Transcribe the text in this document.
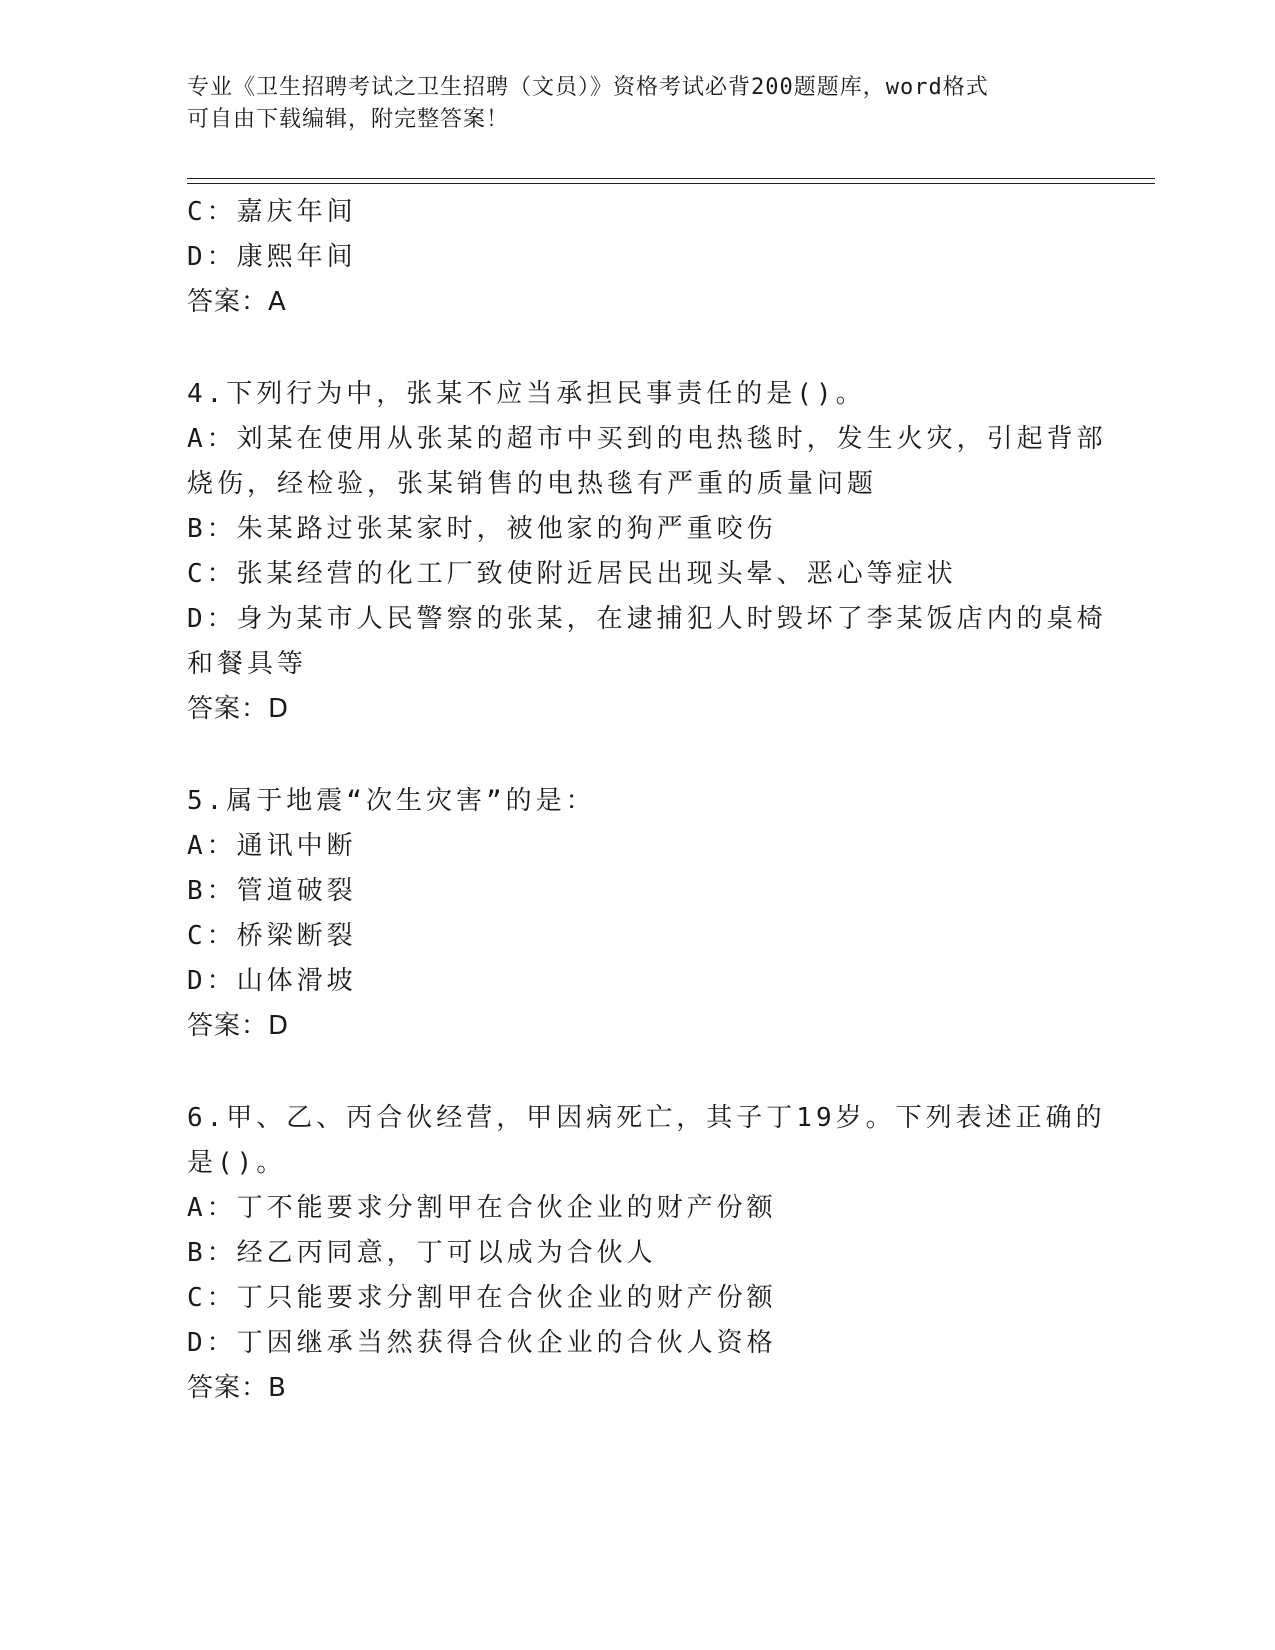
专业《卫生招聘考试之卫生招聘（文员）》资格考试必背200题题库，word格式
可自由下载编辑，附完整答案！
C：嘉庆年间
D：康熙年间
答案：A
4.下列行为中，张某不应当承担民事责任的是()。
A：刘某在使用从张某的超市中买到的电热毯时，发生火灾，引起背部
烧伤，经检验，张某销售的电热毯有严重的质量问题
B：朱某路过张某家时，被他家的狗严重咬伤
C：张某经营的化工厂致使附近居民出现头晕、恶心等症状
D：身为某市人民警察的张某，在逮捕犯人时毁坏了李某饭店内的桌椅
和餐具等
答案：D
5.属于地震“次生灾害”的是：
A：通讯中断
B：管道破裂
C：桥梁断裂
D：山体滑坡
答案：D
6.甲、乙、丙合伙经营，甲因病死亡，其子丁19岁。下列表述正确的
是()。
A：丁不能要求分割甲在合伙企业的财产份额
B：经乙丙同意，丁可以成为合伙人
C：丁只能要求分割甲在合伙企业的财产份额
D：丁因继承当然获得合伙企业的合伙人资格
答案：B
